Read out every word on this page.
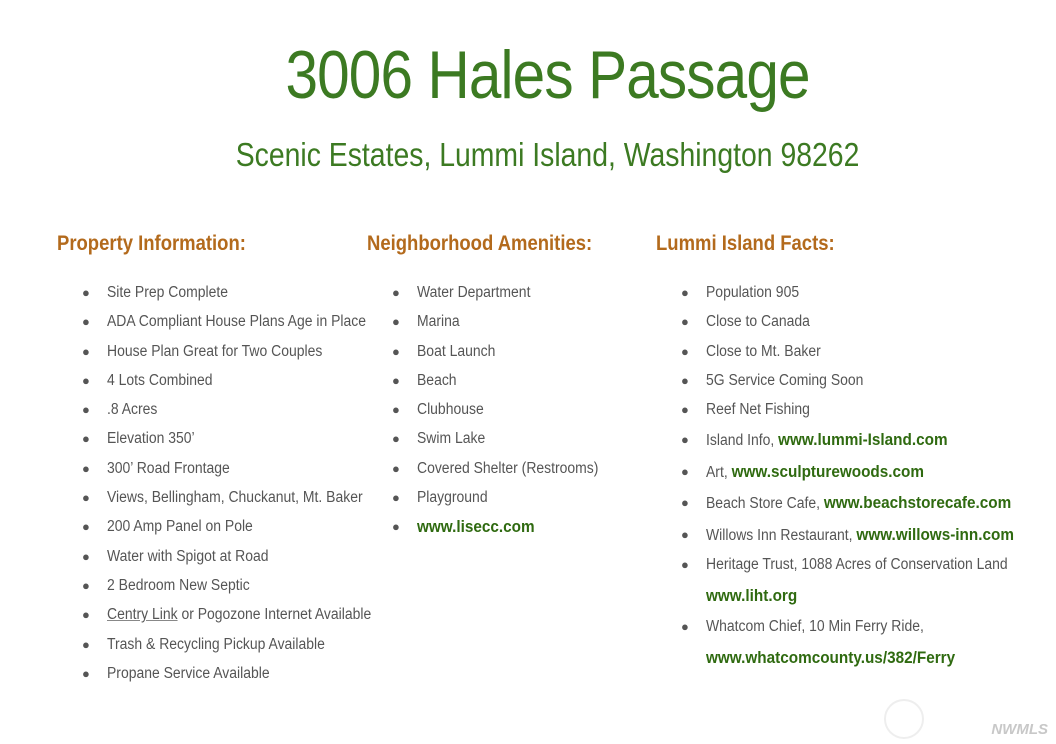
3006 Hales Passage
Scenic Estates, Lummi Island, Washington 98262
Property Information:
● Site Prep Complete
● ADA Compliant House Plans Age in Place
● House Plan Great for Two Couples
● 4 Lots Combined
● .8 Acres
● Elevation 350’
● 300’ Road Frontage
● Views, Bellingham, Chuckanut, Mt. Baker
● 200 Amp Panel on Pole
● Water with Spigot at Road
● 2 Bedroom New Septic
● Centry Link or Pogozone Internet Available
● Trash & Recycling Pickup Available
● Propane Service Available
Neighborhood Amenities:
● Water Department
● Marina
● Boat Launch
● Beach
● Clubhouse
● Swim Lake
● Covered Shelter (Restrooms)
● Playground
● www.lisecc.com
Lummi Island Facts:
● Population 905
● Close to Canada
● Close to Mt. Baker
● 5G Service Coming Soon
● Reef Net Fishing
● Island Info, www.lummi-Island.com
● Art, www.sculpturewoods.com
● Beach Store Cafe, www.beachstorecafe.com
● Willows Inn Restaurant, www.willows-inn.com
● Heritage Trust, 1088 Acres of Conservation Land
www.liht.org
● Whatcom Chief, 10 Min Ferry Ride,
www.whatcomcounty.us/382/Ferry
NWMLS
